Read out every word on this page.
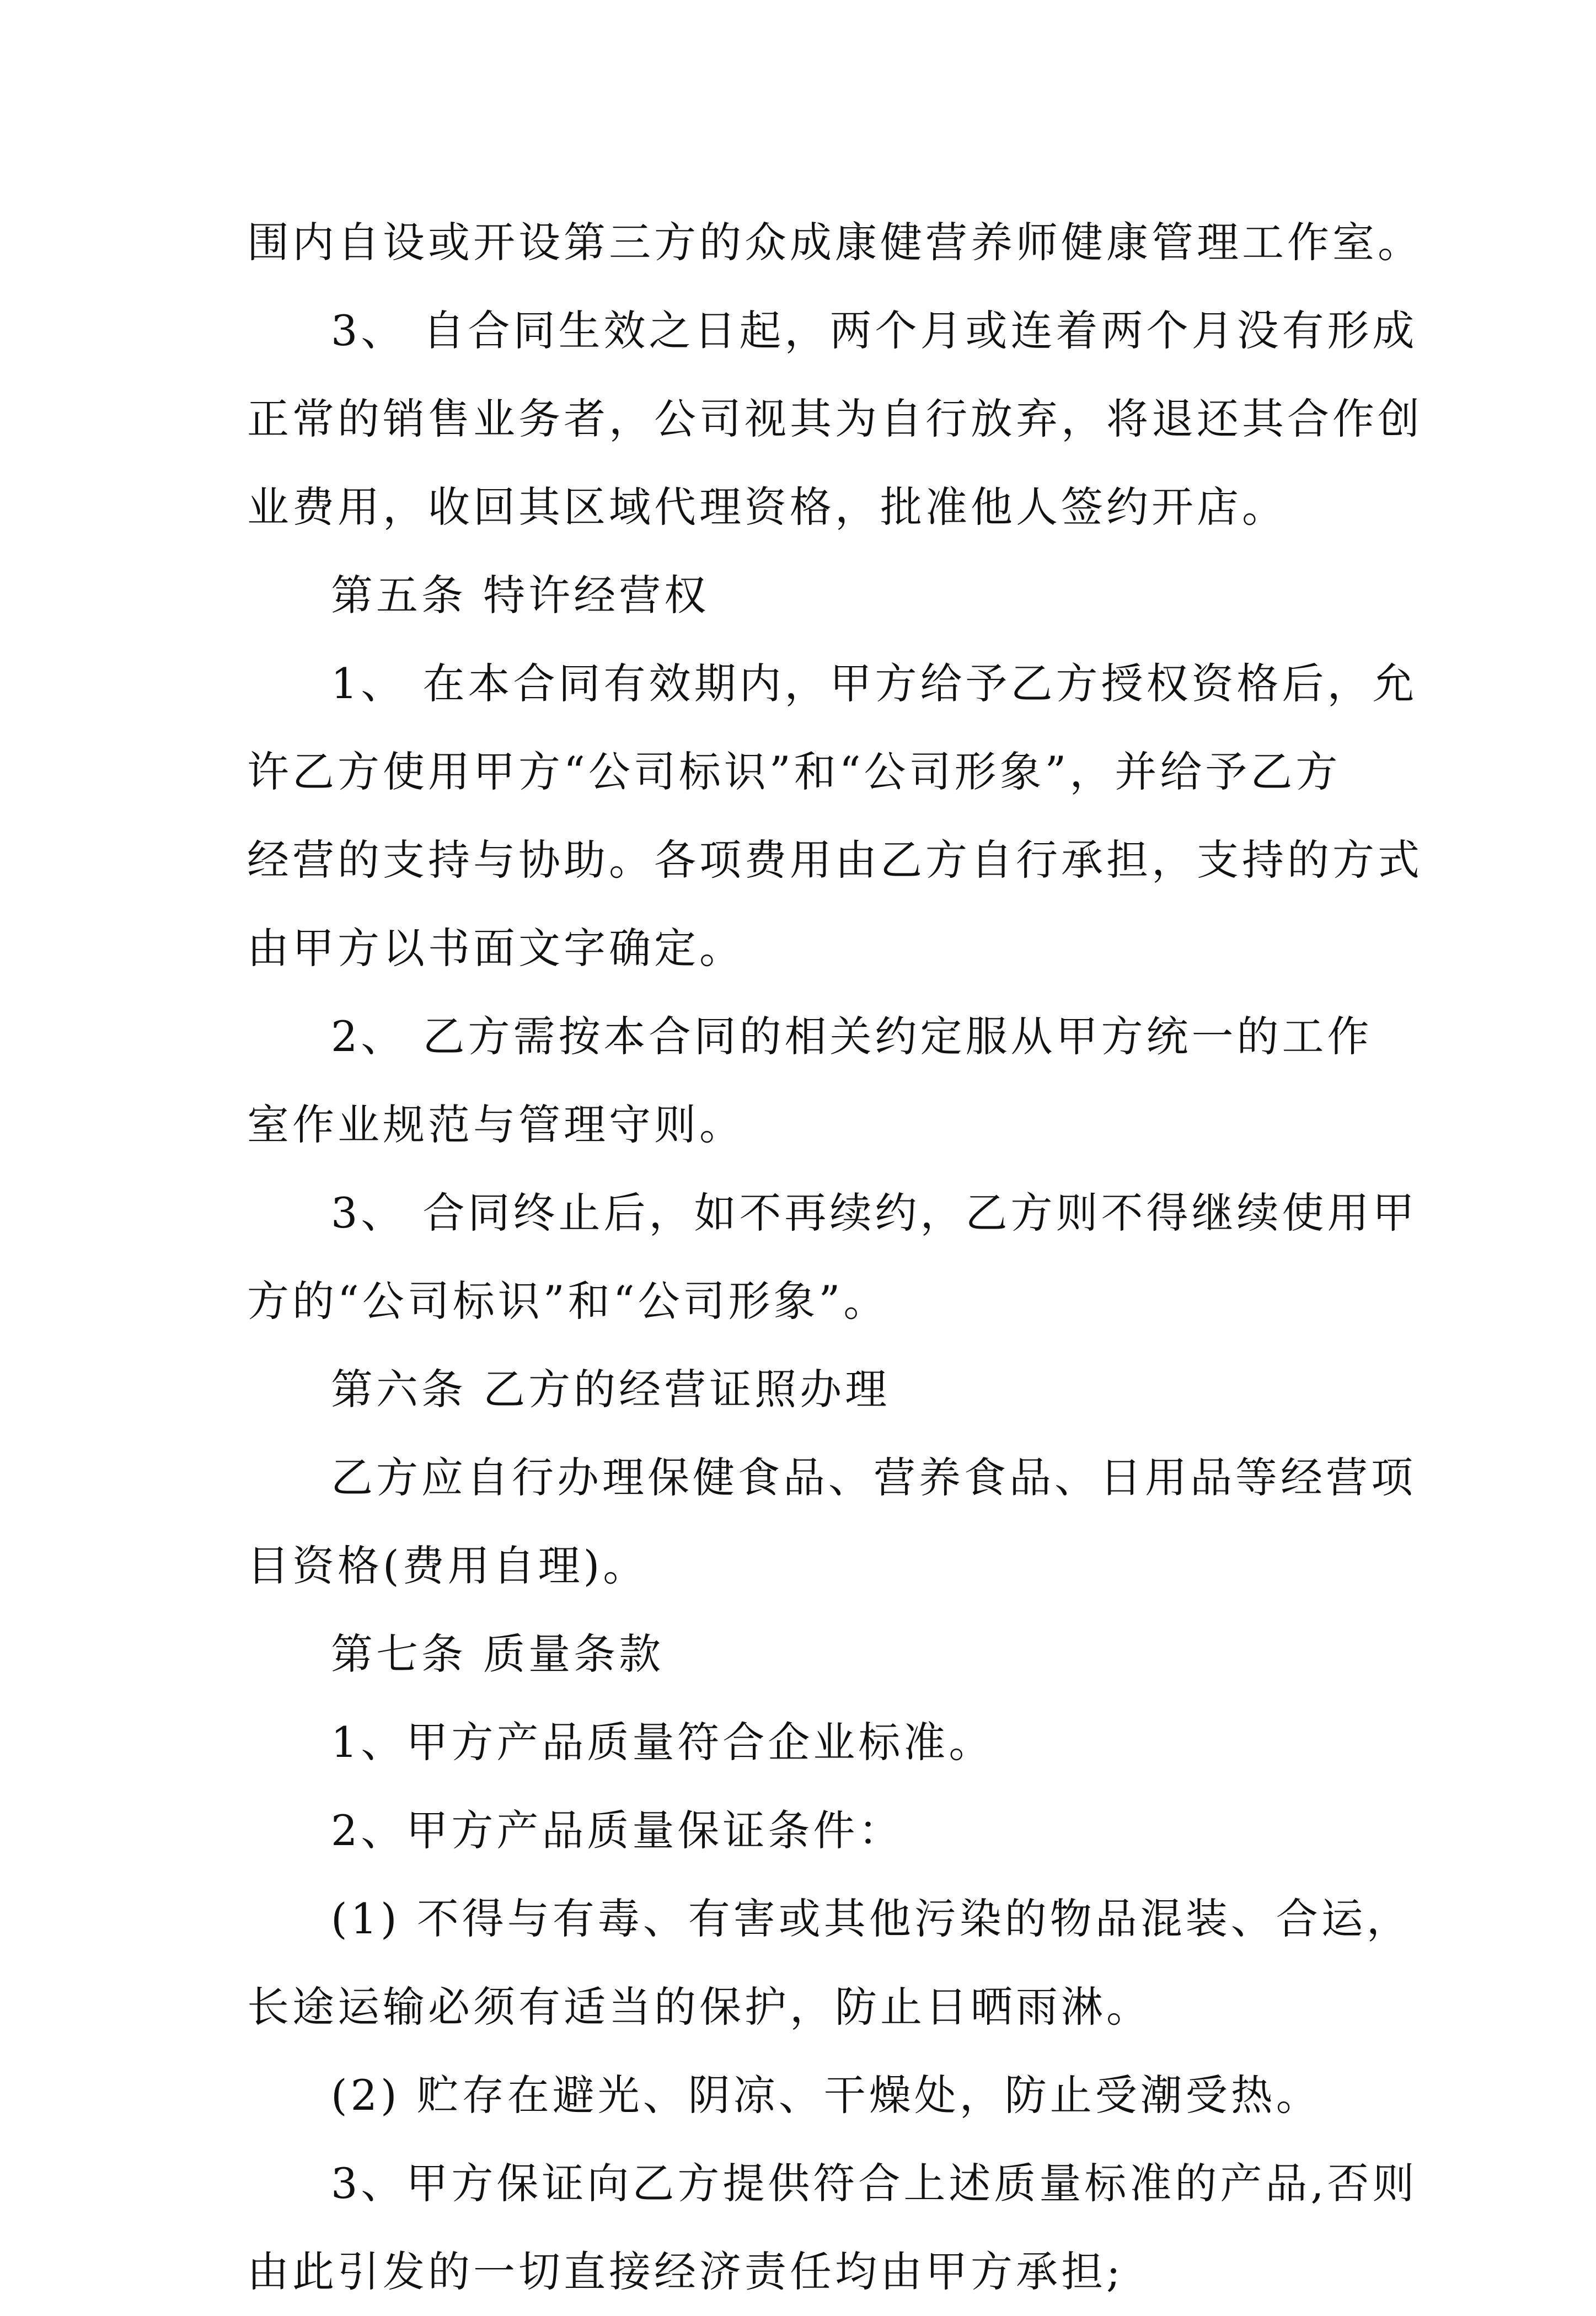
围内自设或开设第三方的众成康健营养师健康管理工作室。
3、 自合同生效之日起，两个月或连着两个月没有形成
正常的销售业务者，公司视其为自行放弃，将退还其合作创
业费用，收回其区域代理资格，批准他人签约开店。
第五条 特许经营权
1、 在本合同有效期内，甲方给予乙方授权资格后，允
许乙方使用甲方“公司标识”和“公司形象”，并给予乙方
经营的支持与协助。各项费用由乙方自行承担，支持的方式
由甲方以书面文字确定。
2、 乙方需按本合同的相关约定服从甲方统一的工作
室作业规范与管理守则。
3、 合同终止后，如不再续约，乙方则不得继续使用甲
方的“公司标识”和“公司形象”。
第六条 乙方的经营证照办理
乙方应自行办理保健食品、营养食品、日用品等经营项
目资格(费用自理)。
第七条 质量条款
1、甲方产品质量符合企业标准。
2、甲方产品质量保证条件：
(1) 不得与有毒、有害或其他污染的物品混装、合运，
长途运输必须有适当的保护，防止日晒雨淋。
(2) 贮存在避光、阴凉、干燥处，防止受潮受热。
3、甲方保证向乙方提供符合上述质量标准的产品,否则
由此引发的一切直接经济责任均由甲方承担;
